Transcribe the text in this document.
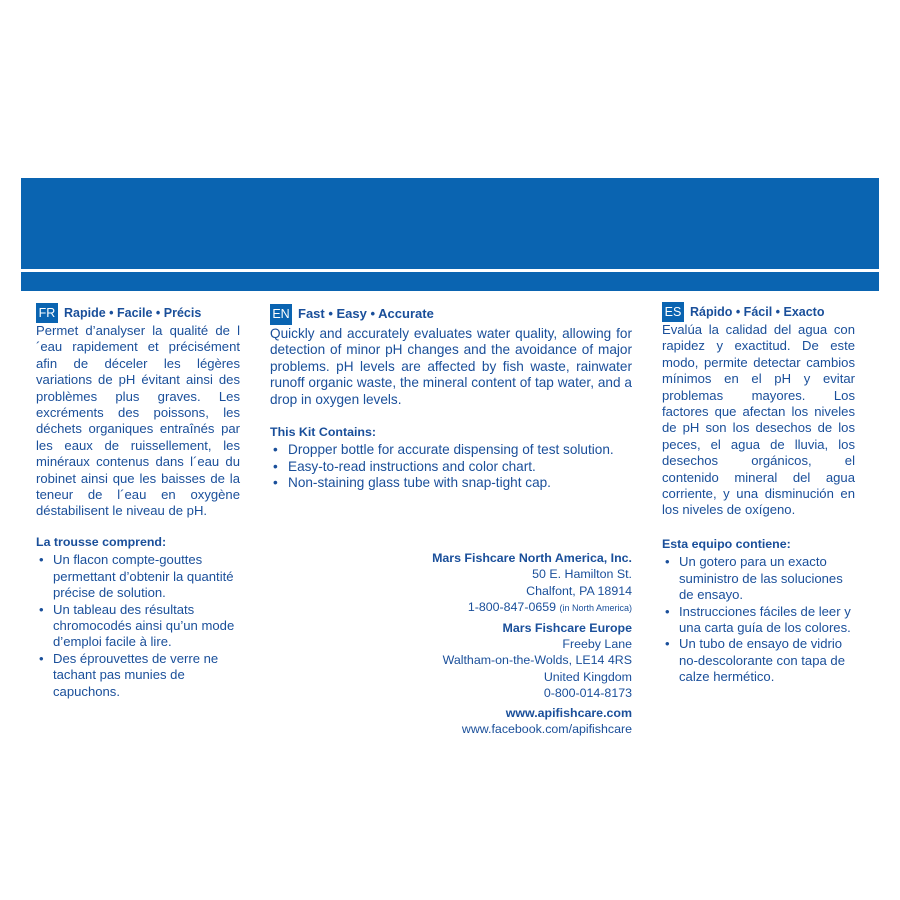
FR Rapide • Facile • Précis

Permet d’analyser la qualité de l´eau rapidement et précisément afin de déceler les légères variations de pH évitant ainsi des problèmes plus graves. Les excréments des poissons, les déchets organiques entraînés par les eaux de ruissellement, les minéraux contenus dans l´eau du robinet ainsi que les baisses de la teneur de l´eau en oxygène déstabilisent le niveau de pH.

La trousse comprend:
• Un flacon compte-gouttes permettant d’obtenir la quantité précise de solution.
• Un tableau des résultats chromocodés ainsi qu’un mode d’emploi facile à lire.
• Des éprouvettes de verre ne tachant pas munies de capuchons.
EN Fast • Easy • Accurate

Quickly and accurately evaluates water quality, allowing for detection of minor pH changes and the avoidance of major problems. pH levels are affected by fish waste, rainwater runoff organic waste, the mineral content of tap water, and a drop in oxygen levels.

This Kit Contains:
• Dropper bottle for accurate dispensing of test solution.
• Easy-to-read instructions and color chart.
• Non-staining glass tube with snap-tight cap.
Mars Fishcare North America, Inc.
50 E. Hamilton St.
Chalfont, PA 18914
1-800-847-0659 (in North America)
Mars Fishcare Europe
Freeby Lane
Waltham-on-the-Wolds, LE14 4RS
United Kingdom
0-800-014-8173
www.apifishcare.com
www.facebook.com/apifishcare
ES Rápido • Fácil • Exacto

Evalúa la calidad del agua con rapidez y exactitud. De este modo, permite detectar cambios mínimos en el pH y evitar problemas mayores. Los factores que afectan los niveles de pH son los desechos de los peces, el agua de lluvia, los desechos orgánicos, el contenido mineral del agua corriente, y una disminución en los niveles de oxígeno.

Esta equipo contiene:
• Un gotero para un exacto suministro de las soluciones de ensayo.
• Instrucciones fáciles de leer y una carta guía de los colores.
• Un tubo de ensayo de vidrio no-descolorante con tapa de calze hermético.
